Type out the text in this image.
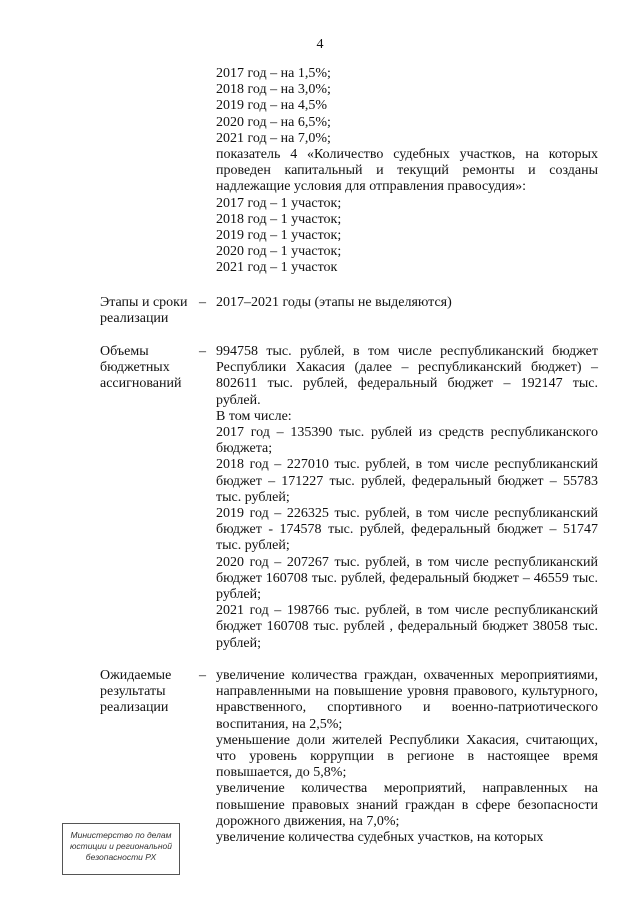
4
2017 год – на 1,5%;
2018 год – на 3,0%;
2019 год – на 4,5%
2020 год – на 6,5%;
2021 год – на 7,0%;
показатель 4 «Количество судебных участков, на которых проведен капитальный и текущий ремонты и созданы надлежащие условия для отправления правосудия»:
2017 год – 1 участок;
2018 год – 1 участок;
2019 год – 1 участок;
2020 год – 1 участок;
2021 год – 1 участок
Этапы и сроки реализации
– 2017–2021 годы (этапы не выделяются)
Объемы бюджетных ассигнований
– 994758 тыс. рублей, в том числе республиканский бюджет Республики Хакасия (далее – республиканский бюджет) – 802611 тыс. рублей, федеральный бюджет – 192147 тыс. рублей.
В том числе:
2017 год – 135390 тыс. рублей из средств республиканского бюджета;
2018 год – 227010 тыс. рублей, в том числе республиканский бюджет – 171227 тыс. рублей, федеральный бюджет – 55783 тыс. рублей;
2019 год – 226325 тыс. рублей, в том числе республиканский бюджет - 174578 тыс. рублей, федеральный бюджет – 51747 тыс. рублей;
2020 год – 207267 тыс. рублей, в том числе республиканский бюджет 160708 тыс. рублей, федеральный бюджет – 46559 тыс. рублей;
2021 год – 198766 тыс. рублей, в том числе республиканский бюджет 160708 тыс. рублей , федеральный бюджет 38058 тыс. рублей;
Ожидаемые результаты реализации
– увеличение количества граждан, охваченных мероприятиями, направленными на повышение уровня правового, культурного, нравственного, спортивного и военно-патриотического воспитания, на 2,5%;
уменьшение доли жителей Республики Хакасия, считающих, что уровень коррупции в регионе в настоящее время повышается, до 5,8%;
увеличение количества мероприятий, направленных на повышение правовых знаний граждан в сфере безопасности дорожного движения, на 7,0%;
увеличение количества судебных участков, на которых
Министерство по делам
юстиции и региональной
безопасности РХ
